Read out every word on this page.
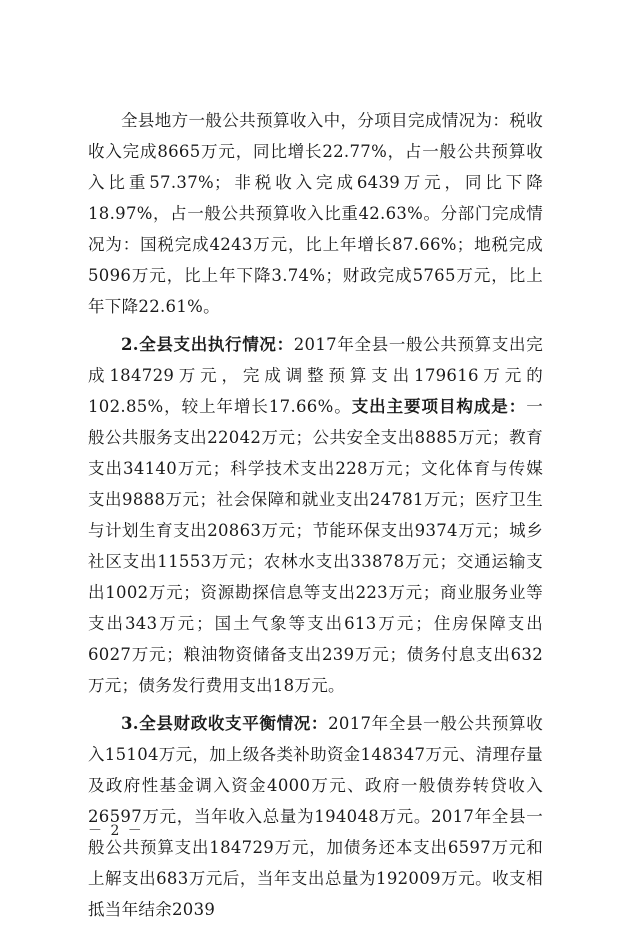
全县地方一般公共预算收入中，分项目完成情况为：税收收入完成8665万元，同比增长22.77%，占一般公共预算收入比重57.37%；非税收入完成6439万元，同比下降18.97%，占一般公共预算收入比重42.63%。分部门完成情况为：国税完成4243万元，比上年增长87.66%；地税完成5096万元，比上年下降3.74%；财政完成5765万元，比上年下降22.61%。

2.全县支出执行情况：2017年全县一般公共预算支出完成184729万元，完成调整预算支出179616万元的102.85%，较上年增长17.66%。支出主要项目构成是：一般公共服务支出22042万元；公共安全支出8885万元；教育支出34140万元；科学技术支出228万元；文化体育与传媒支出9888万元；社会保障和就业支出24781万元；医疗卫生与计划生育支出20863万元；节能环保支出9374万元；城乡社区支出11553万元；农林水支出33878万元；交通运输支出1002万元；资源勘探信息等支出223万元；商业服务业等支出343万元；国土气象等支出613万元；住房保障支出6027万元；粮油物资储备支出239万元；债务付息支出632万元；债务发行费用支出18万元。

3.全县财政收支平衡情况：2017年全县一般公共预算收入15104万元，加上级各类补助资金148347万元、清理存量及政府性基金调入资金4000万元、政府一般债券转贷收入26597万元，当年收入总量为194048万元。2017年全县一般公共预算支出184729万元，加债务还本支出6597万元和上解支出683万元后，当年支出总量为192009万元。收支相抵当年结余2039

－ 2 －
